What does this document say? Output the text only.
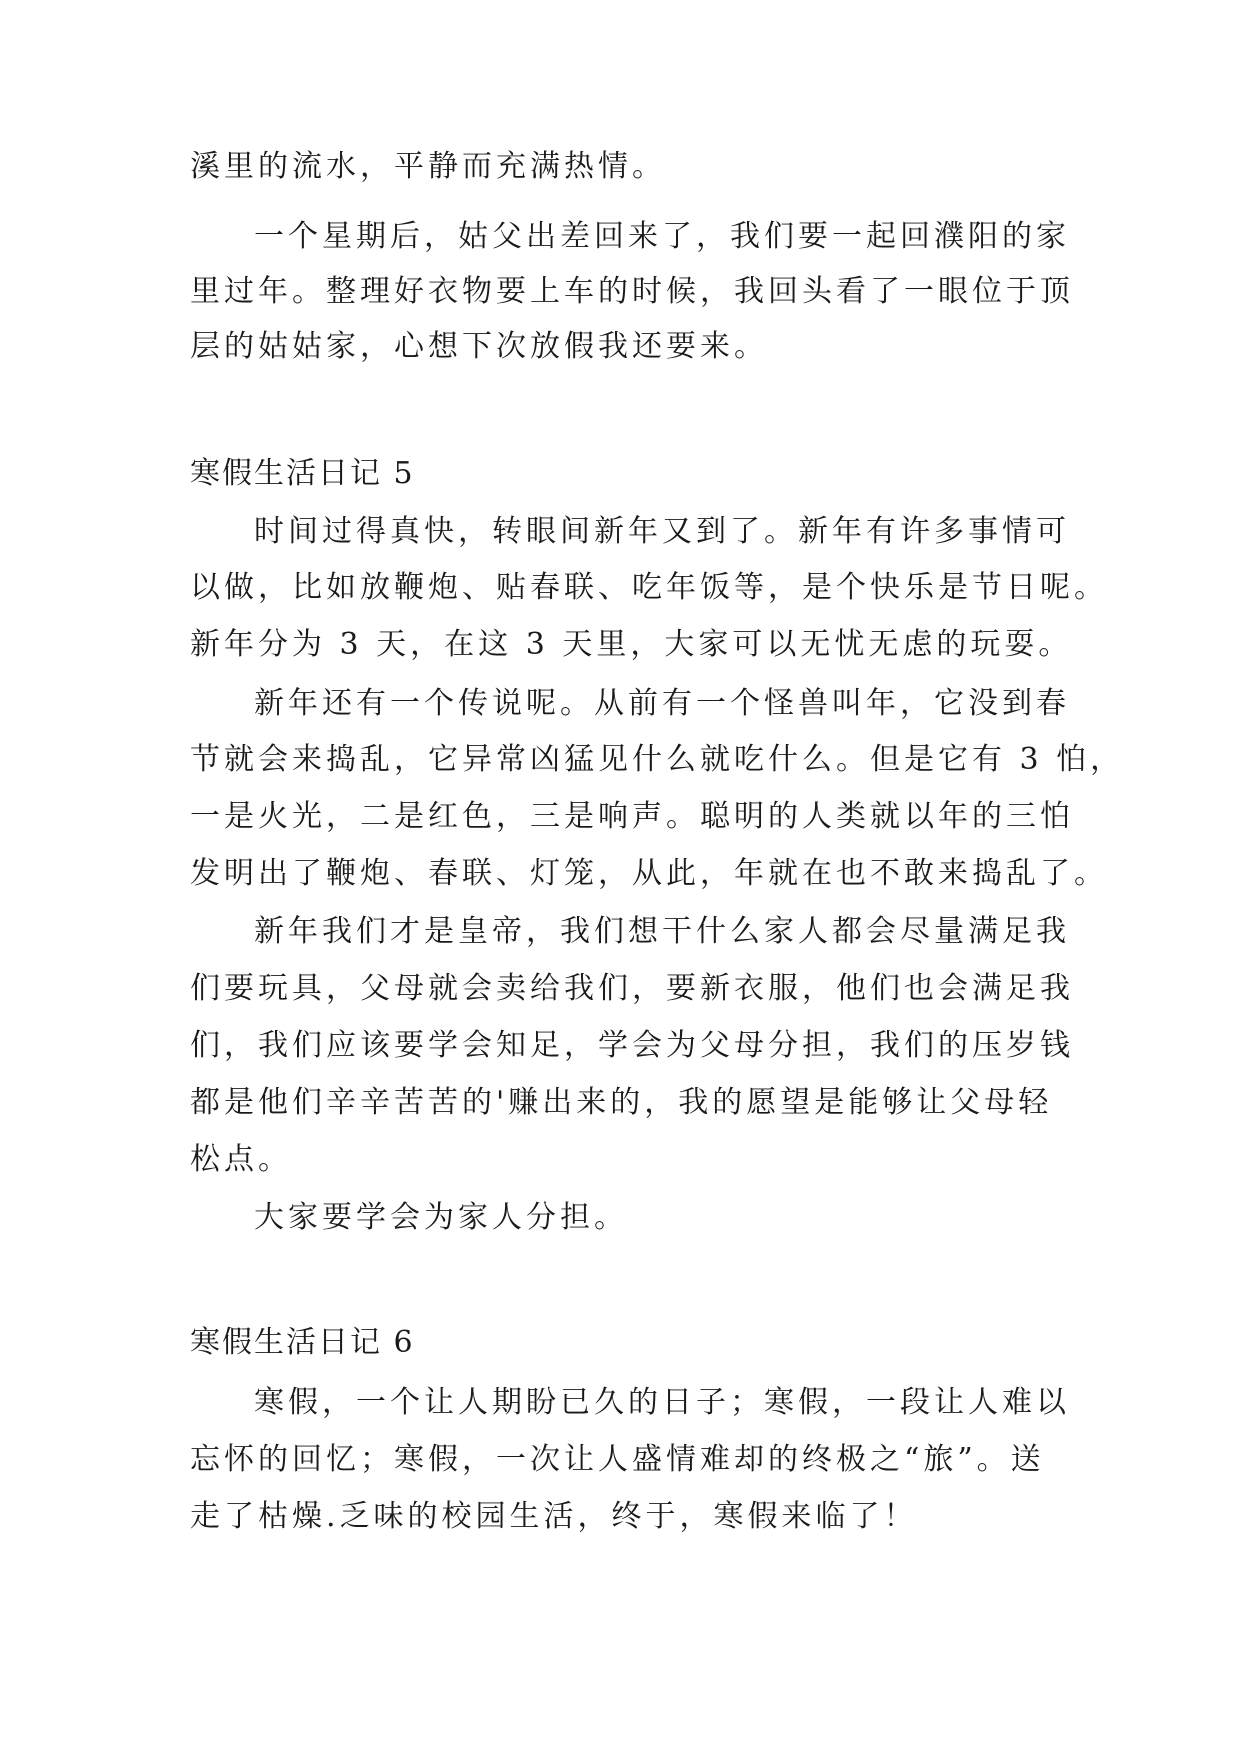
溪里的流水，平静而充满热情。
一个星期后，姑父出差回来了，我们要一起回濮阳的家
里过年。整理好衣物要上车的时候，我回头看了一眼位于顶
层的姑姑家，心想下次放假我还要来。
寒假生活日记 5
时间过得真快，转眼间新年又到了。新年有许多事情可
以做，比如放鞭炮、贴春联、吃年饭等，是个快乐是节日呢。
新年分为 3 天，在这 3 天里，大家可以无忧无虑的玩耍。
新年还有一个传说呢。从前有一个怪兽叫年，它没到春
节就会来捣乱，它异常凶猛见什么就吃什么。但是它有 3 怕，
一是火光，二是红色，三是响声。聪明的人类就以年的三怕
发明出了鞭炮、春联、灯笼，从此，年就在也不敢来捣乱了。
新年我们才是皇帝，我们想干什么家人都会尽量满足我
们要玩具，父母就会卖给我们，要新衣服，他们也会满足我
们，我们应该要学会知足，学会为父母分担，我们的压岁钱
都是他们辛辛苦苦的'赚出来的，我的愿望是能够让父母轻
松点。
大家要学会为家人分担。
寒假生活日记 6
寒假，一个让人期盼已久的日子；寒假，一段让人难以
忘怀的回忆；寒假，一次让人盛情难却的终极之“旅”。送
走了枯燥.乏味的校园生活，终于，寒假来临了！
